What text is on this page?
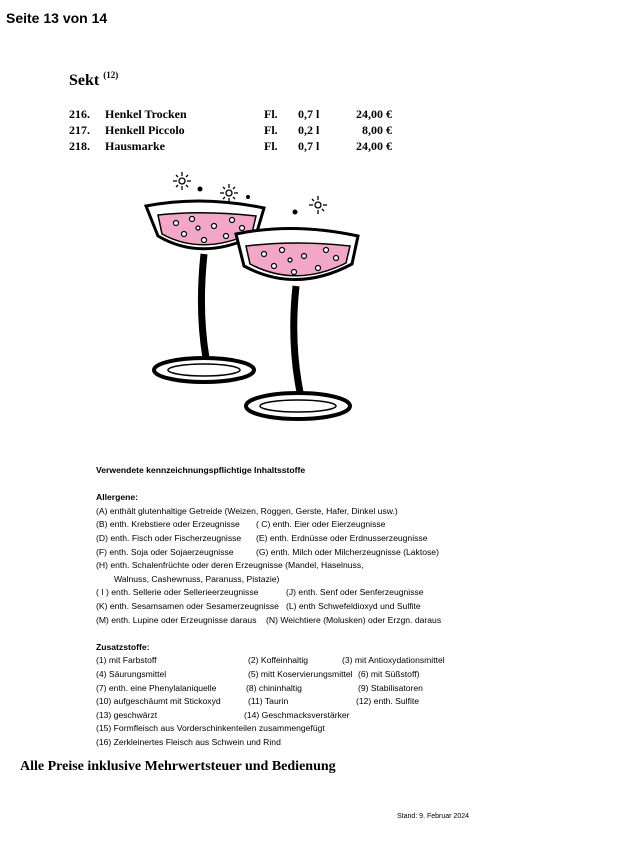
Seite 13 von 14
Sekt $^{(12)}$
216. Henkel Trocken	Fl. 0,7 l	24,00 €
217. Henkell Piccolo	Fl. 0,2 l	8,00 €
218. Hausmarke	Fl. 0,7 l	24,00 €
Verwendete kennzeichnungspflichtige Inhaltsstoffe
Allergene:
(A) enthält glutenhaltige Getreide (Weizen, Roggen, Gerste, Hafer, Dinkel usw.)
(B) enth. Krebstiere oder Erzeugnisse ( C) enth. Eier oder Eierzeugnisse
(D) enth. Fisch oder Fischerzeugnisse (E) enth. Erdnüsse oder Erdnusserzeugnisse
(F) enth. Soja oder Sojaerzeugnisse	(G) enth. Milch oder Milcherzeugnisse (Laktose)
(H) enth. Schalenfrüchte oder deren Erzeugnisse (Mandel, Haselnuss,
Walnuss, Cashewnuss, Paranuss, Pistazie)
( I ) enth. Sellerie oder Sellerieerzeugnisse	(J) enth. Senf oder Senferzeugnisse
(K) enth. Sesamsamen oder Sesamerzeugnisse (L) enth Schwefeldioxyd und Sulfite
(M) enth. Lupine oder Erzeugnisse daraus (N) Weichtiere (Molusken) oder Erzgn. daraus
Zusatzstoffe:
(1) mit Farbstoff	(2) Koffeinhaltig	(3) mit Antioxydationsmittel
(4) Säurungsmittel	(5) mitt Koservierungsmittel (6) mit Süßstoff)
(7) enth. eine Phenylalaniquelle	(8) chininhaltig	(9) Stabilisatoren
(10) aufgeschäumt mit Stickoxyd	(11) Taurin	(12) enth. Sulfite
(13) geschwärzt	(14) Geschmacksverstärker
(15) Formfleisch aus Vorderschinkenteilen zusammengefügt
(16) Zerkleinertes Fleisch aus Schwein und Rind
Alle Preise inklusive Mehrwertsteuer und Bedienung
Stand: 9. Februar 2024
